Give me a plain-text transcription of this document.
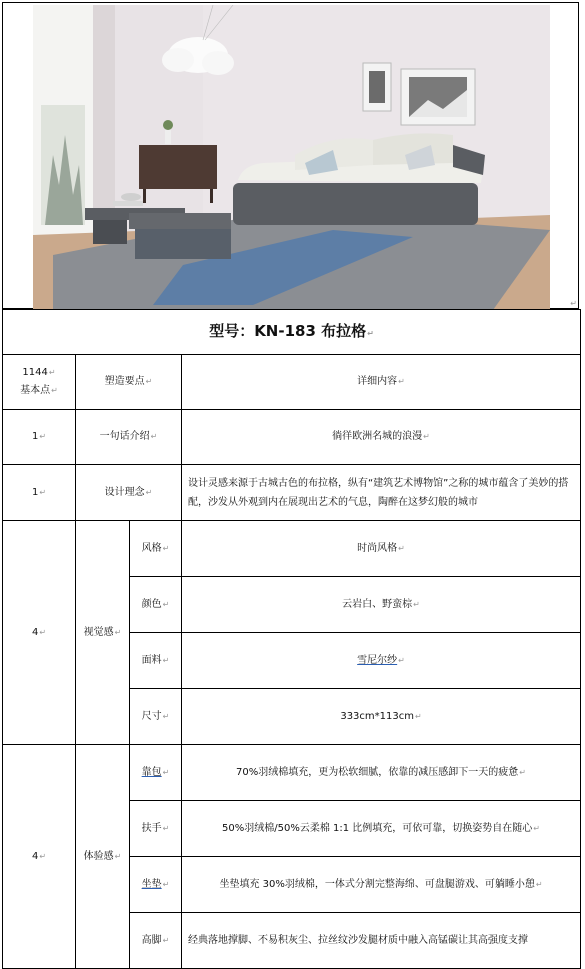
↵
型号：KN-183 布拉格↵			

1144↵
基本点↵	塑造要点↵		详细内容↵
1↵	一句话介绍↵		徜徉欧洲名城的浪漫↵
1↵	设计理念↵		设计灵感来源于古城古色的布拉格，纵有“建筑艺术博物馆”之称的城市蕴含了美妙的搭配，沙发从外观到内在展现出艺术的气息，陶醉在这梦幻般的城市
4↵	视觉感↵	风格↵	时尚风格↵
		颜色↵	云岩白、野蛮棕↵
		面料↵	雪尼尔纱↵
		尺寸↵	333cm*113cm↵
4↵	体验感↵	靠包↵	70%羽绒棉填充，更为松软细腻，依靠的减压感卸下一天的疲惫↵
		扶手↵	50%羽绒棉/50%云柔棉 1:1 比例填充，可依可靠，切换姿势自在随心↵
		坐垫↵	坐垫填充 30%羽绒棉，一体式分割完整海绵、可盘腿游戏、可躺睡小憩↵
		高脚↵	经典落地撑脚、不易积灰尘、拉丝纹沙发腿材质中融入高锰碳让其高强度支撑
